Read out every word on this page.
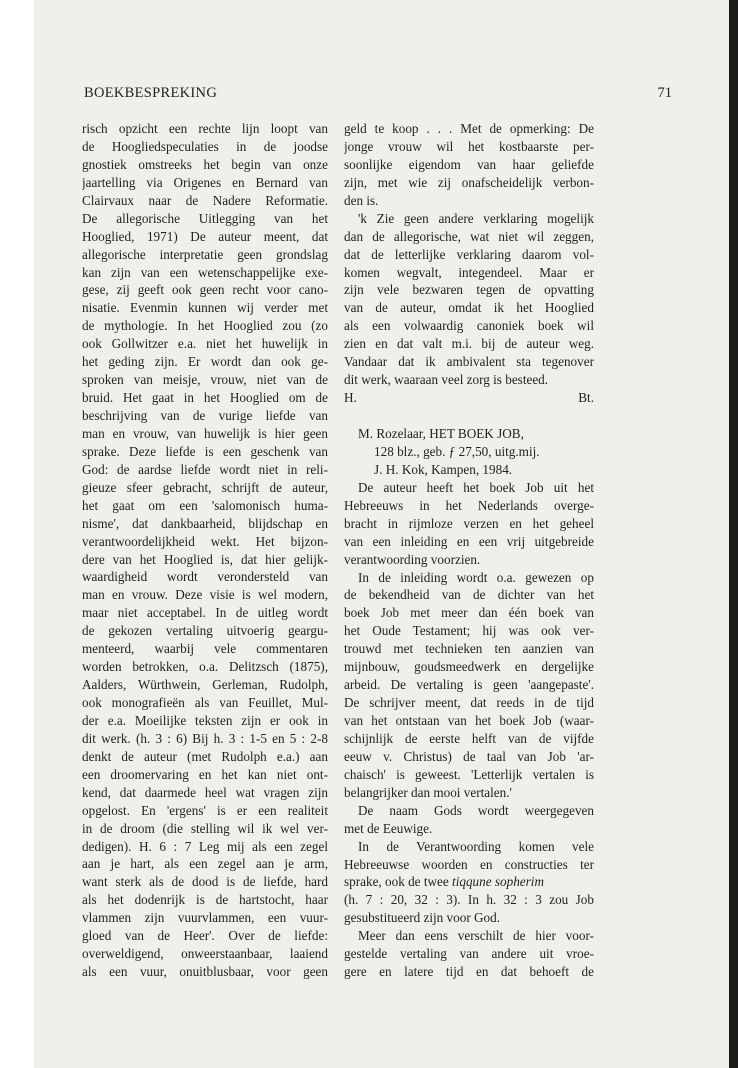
BOEKBESPREKING	71
risch opzicht een rechte lijn loopt van
de Hoogliedspeculaties in de joodse
gnostiek omstreeks het begin van onze
jaartelling via Origenes en Bernard van
Clairvaux naar de Nadere Reformatie.
De allegorische Uitlegging van het
Hooglied, 1971) De auteur meent, dat
allegorische interpretatie geen grondslag
kan zijn van een wetenschappelijke exe-
gese, zij geeft ook geen recht voor cano-
nisatie. Evenmin kunnen wij verder met
de mythologie. In het Hooglied zou (zo
ook Gollwitzer e.a. niet het huwelijk in
het geding zijn. Er wordt dan ook ge-
sproken van meisje, vrouw, niet van de
bruid. Het gaat in het Hooglied om de
beschrijving van de vurige liefde van
man en vrouw, van huwelijk is hier geen
sprake. Deze liefde is een geschenk van
God: de aardse liefde wordt niet in reli-
gieuze sfeer gebracht, schrijft de auteur,
het gaat om een 'salomonisch huma-
nisme', dat dankbaarheid, blijdschap en
verantwoordelijkheid wekt. Het bijzon-
dere van het Hooglied is, dat hier gelijk-
waardigheid wordt verondersteld van
man en vrouw. Deze visie is wel modern,
maar niet acceptabel. In de uitleg wordt
de gekozen vertaling uitvoerig geargu-
menteerd, waarbij vele commentaren
worden betrokken, o.a. Delitzsch (1875),
Aalders, Würthwein, Gerleman, Rudolph,
ook monografieën als van Feuillet, Mul-
der e.a. Moeilijke teksten zijn er ook in
dit werk. (h. 3 : 6) Bij h. 3 : 1-5 en 5 : 2-8
denkt de auteur (met Rudolph e.a.) aan
een droomervaring en het kan niet ont-
kend, dat daarmede heel wat vragen zijn
opgelost. En 'ergens' is er een realiteit
in de droom (die stelling wil ik wel ver-
dedigen). H. 6 : 7 Leg mij als een zegel
aan je hart, als een zegel aan je arm,
want sterk als de dood is de liefde, hard
als het dodenrijk is de hartstocht, haar
vlammen zijn vuurvlammen, een vuur-
gloed van de Heer'. Over de liefde:
overweldigend, onweerstaanbaar, laaiend
als een vuur, onuitblusbaar, voor geen
geld te koop . . . Met de opmerking: De
jonge vrouw wil het kostbaarste per-
soonlijke eigendom van haar geliefde
zijn, met wie zij onafscheidelijk verbon-
den is.
'k Zie geen andere verklaring mogelijk
dan de allegorische, wat niet wil zeggen,
dat de letterlijke verklaring daarom vol-
komen wegvalt, integendeel. Maar er
zijn vele bezwaren tegen de opvatting
van de auteur, omdat ik het Hooglied
als een volwaardig canoniek boek wil
zien en dat valt m.i. bij de auteur weg.
Vandaar dat ik ambivalent sta tegenover
dit werk, waaraan veel zorg is besteed.
H.	Bt.
M. Rozelaar, HET BOEK JOB,
128 blz., geb. ƒ 27,50, uitg.mij.
J. H. Kok, Kampen, 1984.
De auteur heeft het boek Job uit het
Hebreeuws in het Nederlands overge-
bracht in rijmloze verzen en het geheel
van een inleiding en een vrij uitgebreide
verantwoording voorzien.
In de inleiding wordt o.a. gewezen op
de bekendheid van de dichter van het
boek Job met meer dan één boek van
het Oude Testament; hij was ook ver-
trouwd met technieken ten aanzien van
mijnbouw, goudsmeedwerk en dergelijke
arbeid. De vertaling is geen 'aangepaste'.
De schrijver meent, dat reeds in de tijd
van het ontstaan van het boek Job (waar-
schijnlijk de eerste helft van de vijfde
eeuw v. Christus) de taal van Job 'ar-
chaisch' is geweest. 'Letterlijk vertalen is
belangrijker dan mooi vertalen.'
De naam Gods wordt weergegeven
met de Eeuwige.
In de Verantwoording komen vele
Hebreeuwse woorden en constructies ter
sprake, ook de twee tiqqune sopherim
(h. 7 : 20, 32 : 3). In h. 32 : 3 zou Job
gesubstitueerd zijn voor God.
Meer dan eens verschilt de hier voor-
gestelde vertaling van andere uit vroe-
gere en latere tijd en dat behoeft de
